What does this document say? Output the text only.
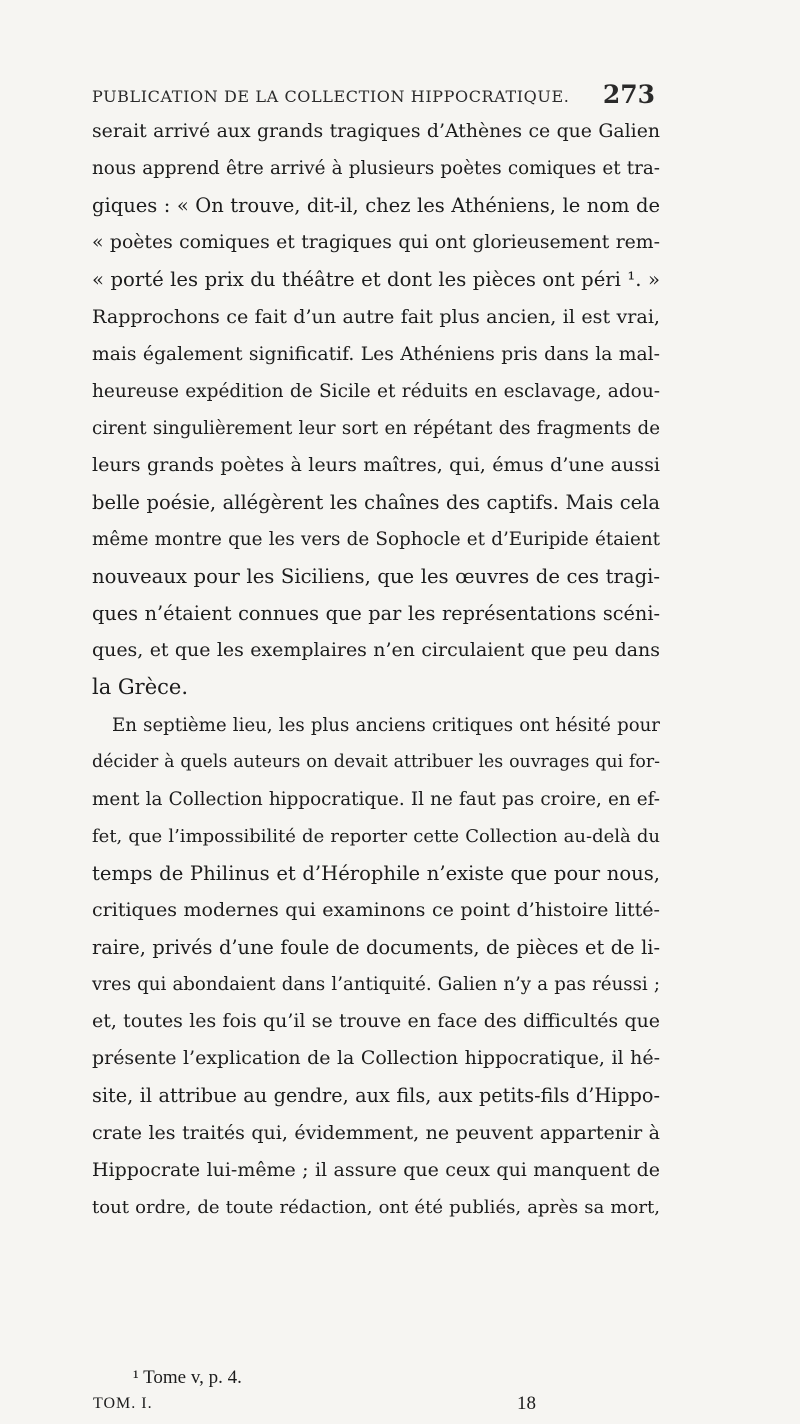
PUBLICATION DE LA COLLECTION HIPPOCRATIQUE. 273
serait arrivé aux grands tragiques d’Athènes ce que Galien
nous apprend être arrivé à plusieurs poètes comiques et tra-
giques : « On trouve, dit-il, chez les Athéniens, le nom de
« poètes comiques et tragiques qui ont glorieusement rem-
« porté les prix du théâtre et dont les pièces ont péri ¹. »
Rapprochons ce fait d’un autre fait plus ancien, il est vrai,
mais également significatif. Les Athéniens pris dans la mal-
heureuse expédition de Sicile et réduits en esclavage, adou-
cirent singulièrement leur sort en répétant des fragments de
leurs grands poètes à leurs maîtres, qui, émus d’une aussi
belle poésie, allégèrent les chaînes des captifs. Mais cela
même montre que les vers de Sophocle et d’Euripide étaient
nouveaux pour les Siciliens, que les œuvres de ces tragi-
ques n’étaient connues que par les représentations scéni-
ques, et que les exemplaires n’en circulaient que peu dans
la Grèce.
En septième lieu, les plus anciens critiques ont hésité pour
décider à quels auteurs on devait attribuer les ouvrages qui for-
ment la Collection hippocratique. Il ne faut pas croire, en ef-
fet, que l’impossibilité de reporter cette Collection au-delà du
temps de Philinus et d’Hérophile n’existe que pour nous,
critiques modernes qui examinons ce point d’histoire litté-
raire, privés d’une foule de documents, de pièces et de li-
vres qui abondaient dans l’antiquité. Galien n’y a pas réussi ;
et, toutes les fois qu’il se trouve en face des difficultés que
présente l’explication de la Collection hippocratique, il hé-
site, il attribue au gendre, aux fils, aux petits-fils d’Hippo-
crate les traités qui, évidemment, ne peuvent appartenir à
Hippocrate lui-même ; il assure que ceux qui manquent de
tout ordre, de toute rédaction, ont été publiés, après sa mort,
¹ Tome v, p. 4.
TOM. I.	18
